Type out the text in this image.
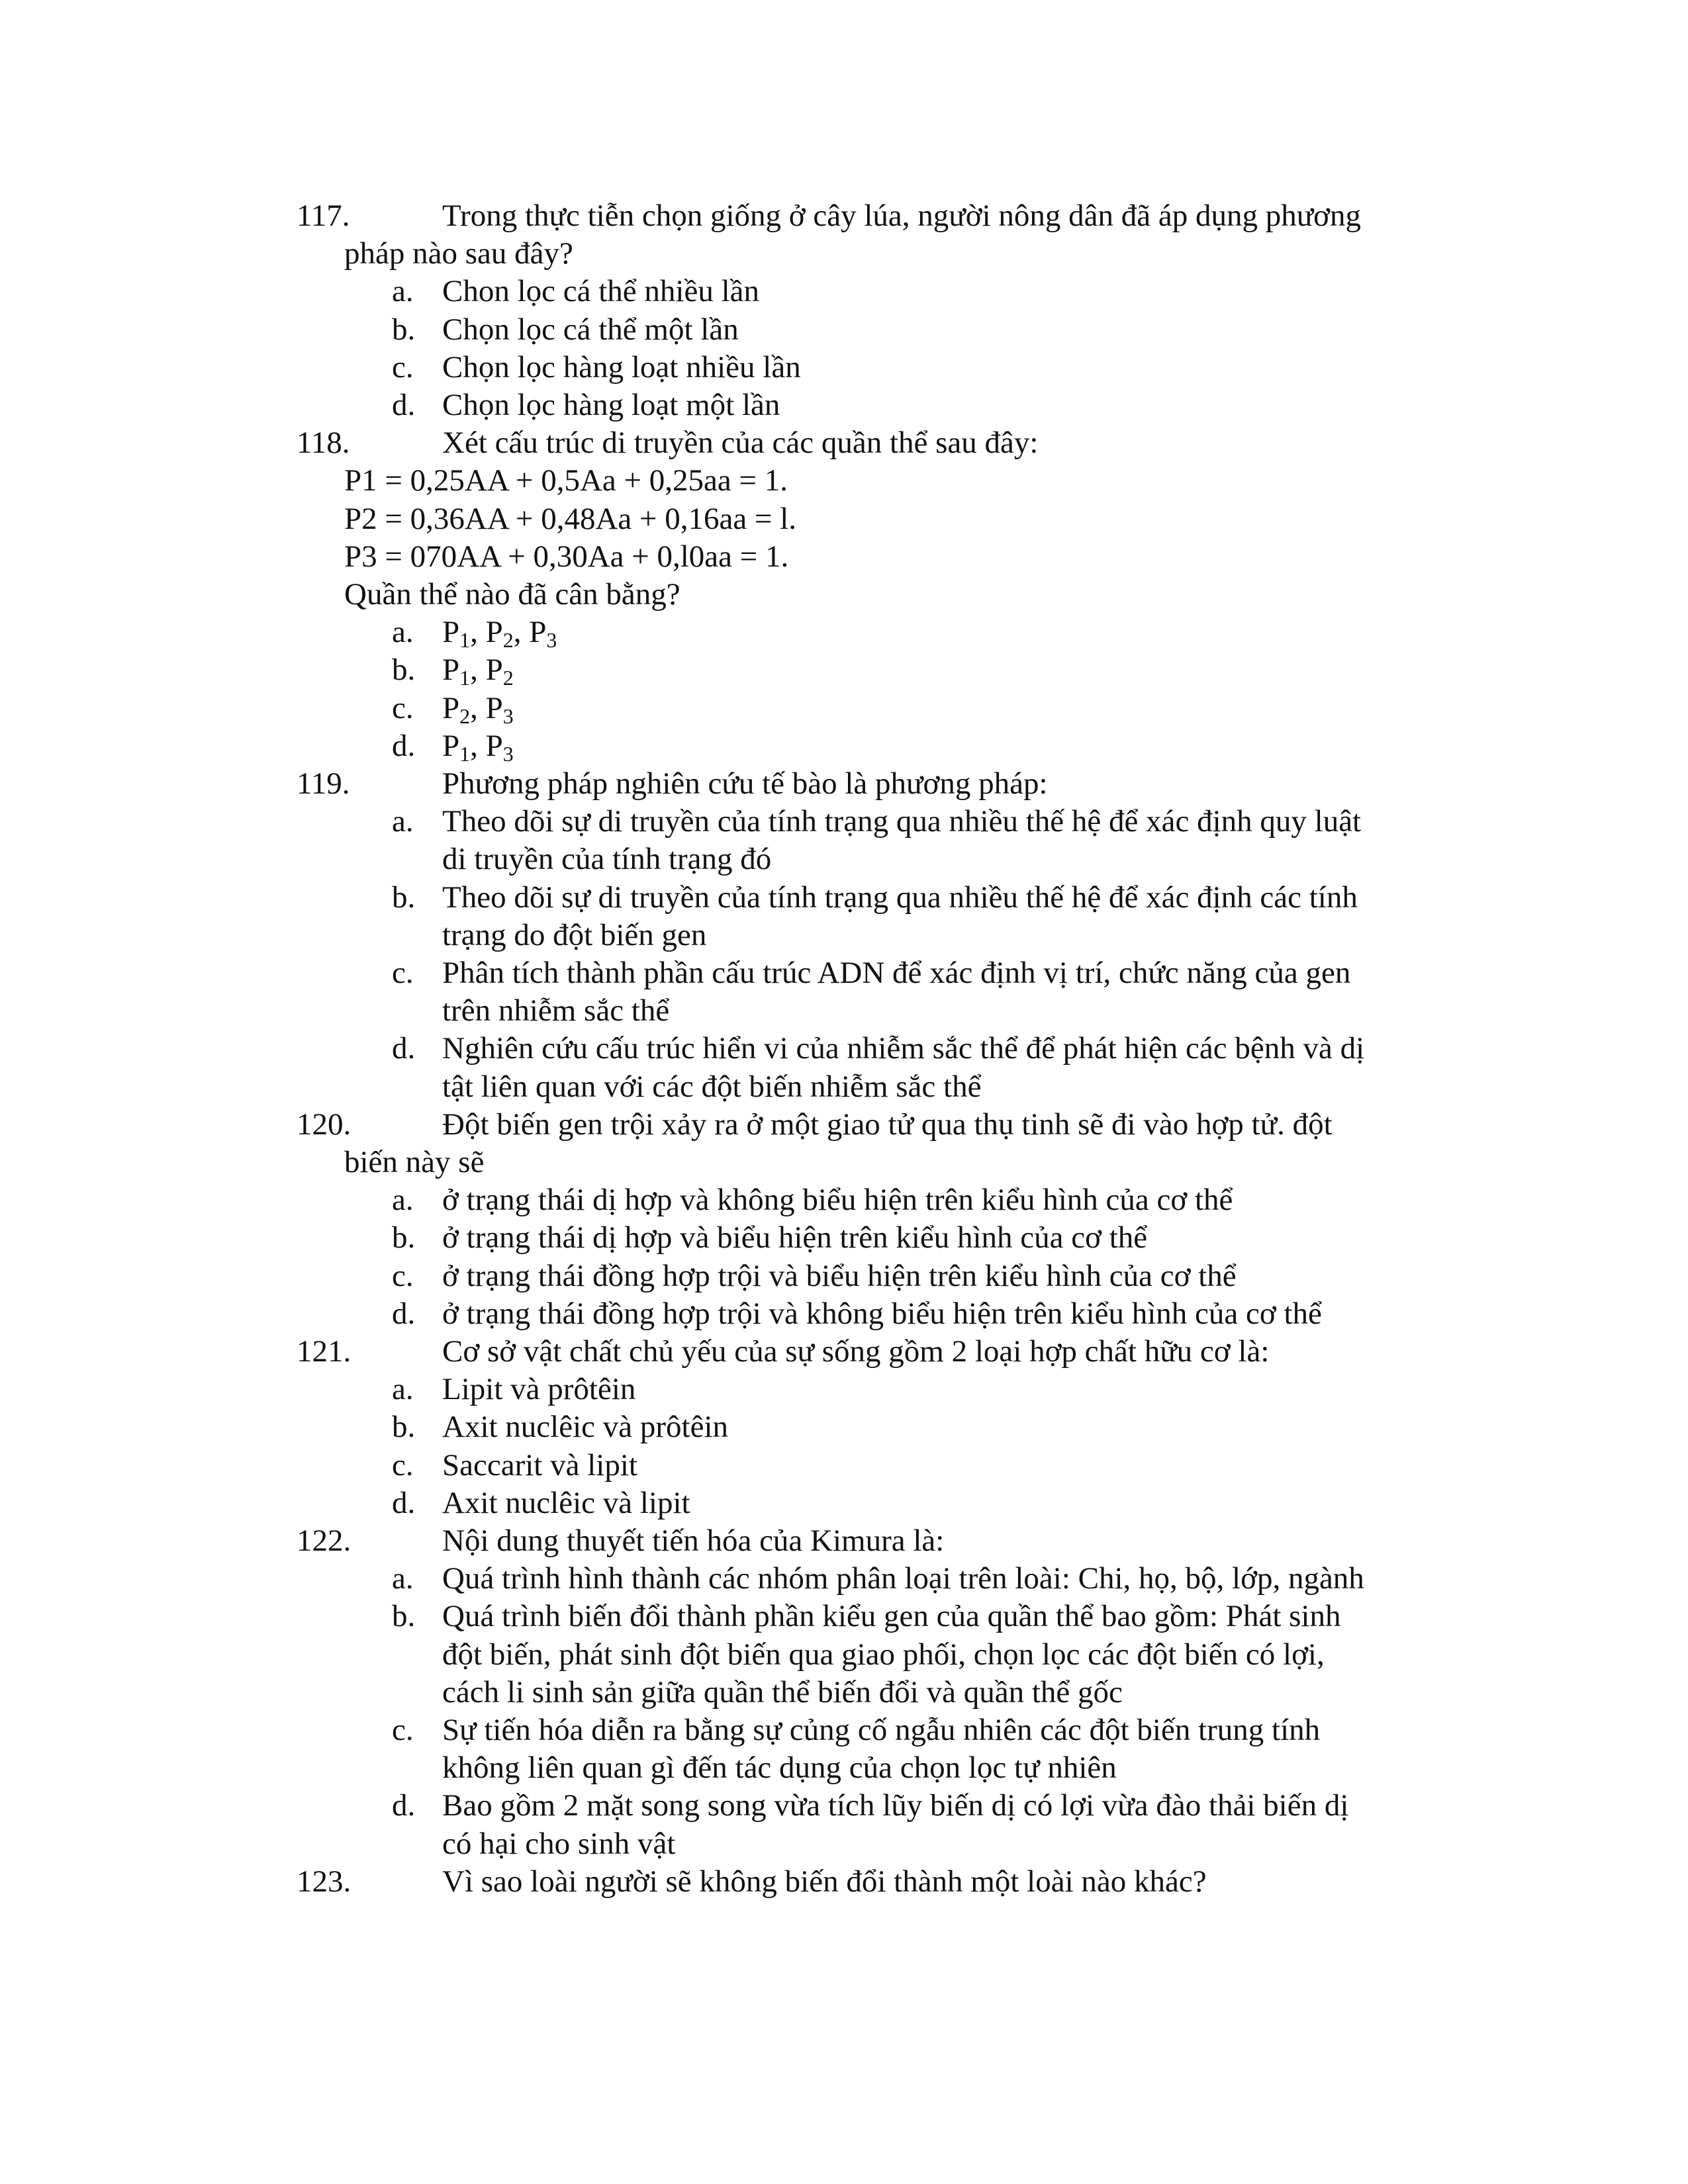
117.	Trong thực tiễn chọn giống ở cây lúa, người nông dân đã áp dụng phương
pháp nào sau đây?
a. Chon lọc cá thể nhiều lần
b. Chọn lọc cá thể một lần
c. Chọn lọc hàng loạt nhiều lần
d. Chọn lọc hàng loạt một lần
118.	Xét cấu trúc di truyền của các quần thể sau đây:
P1 = 0,25AA + 0,5Aa + 0,25aa = 1.
P2 = 0,36AA + 0,48Aa + 0,16aa = l.
P3 = 070AA + 0,30Aa + 0,l0aa = 1.
Quần thể nào đã cân bằng?
a. $P_1$, $P_2$, $P_3$
b. $P_1$, $P_2$
c. $P_2$, $P_3$
d. $P_1$, $P_3$
119.	Phương pháp nghiên cứu tế bào là phương pháp:
a. Theo dõi sự di truyền của tính trạng qua nhiều thế hệ để xác định quy luật
di truyền của tính trạng đó
b. Theo dõi sự di truyền của tính trạng qua nhiều thế hệ để xác định các tính
trạng do đột biến gen
c. Phân tích thành phần cấu trúc ADN để xác định vị trí, chức năng của gen
trên nhiễm sắc thể
d. Nghiên cứu cấu trúc hiển vi của nhiễm sắc thể để phát hiện các bệnh và dị
tật liên quan với các đột biến nhiễm sắc thể
120.	Đột biến gen trội xảy ra ở một giao tử qua thụ tinh sẽ đi vào hợp tử. đột
biến này sẽ
a. ở trạng thái dị hợp và không biểu hiện trên kiểu hình của cơ thể
b. ở trạng thái dị hợp và biểu hiện trên kiểu hình của cơ thể
c. ở trạng thái đồng hợp trội và biểu hiện trên kiểu hình của cơ thể
d. ở trạng thái đồng hợp trội và không biểu hiện trên kiểu hình của cơ thể
121.	Cơ sở vật chất chủ yếu của sự sống gồm 2 loại hợp chất hữu cơ là:
a. Lipit và prôtêin
b. Axit nuclêic và prôtêin
c. Saccarit và lipit
d. Axit nuclêic và lipit
122.	Nội dung thuyết tiến hóa của Kimura là:
a. Quá trình hình thành các nhóm phân loại trên loài: Chi, họ, bộ, lớp, ngành
b. Quá trình biến đổi thành phần kiểu gen của quần thể bao gồm: Phát sinh
đột biến, phát sinh đột biến qua giao phối, chọn lọc các đột biến có lợi,
cách li sinh sản giữa quần thể biến đổi và quần thể gốc
c. Sự tiến hóa diễn ra bằng sự củng cố ngẫu nhiên các đột biến trung tính
không liên quan gì đến tác dụng của chọn lọc tự nhiên
d. Bao gồm 2 mặt song song vừa tích lũy biến dị có lợi vừa đào thải biến dị
có hại cho sinh vật
123.	Vì sao loài người sẽ không biến đổi thành một loài nào khác?
